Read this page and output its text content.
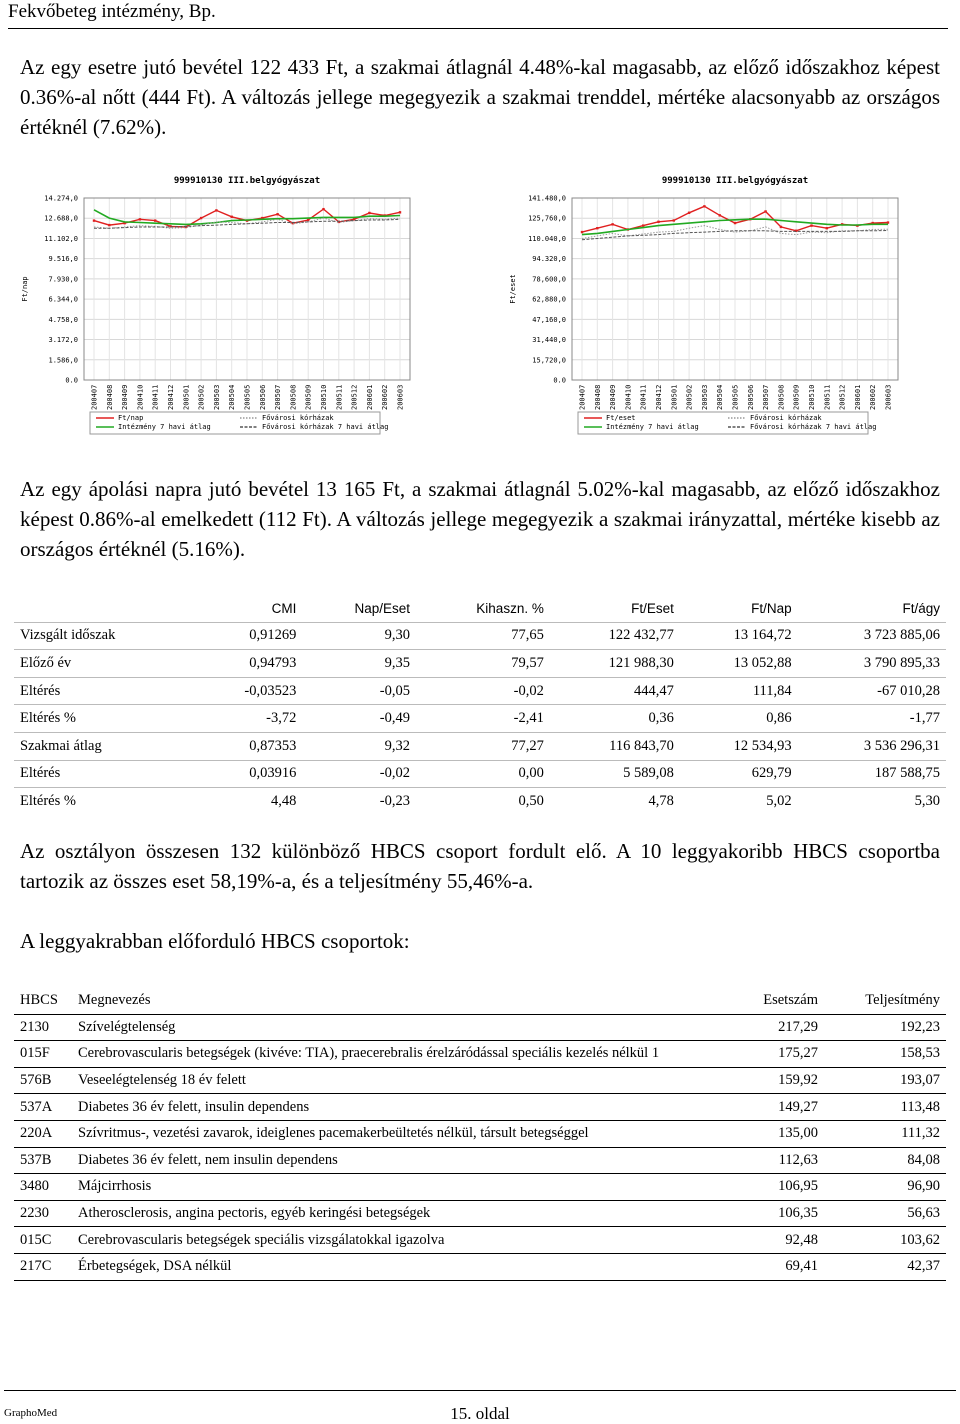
Fekvőbeteg intézmény, Bp.
Az egy esetre jutó bevétel 122 433 Ft, a szakmai átlagnál 4.48%-kal magasabb, az előző időszakhoz képest 0.36%-al nőtt (444 Ft). A változás jellege megegyezik a szakmai trenddel, mértéke alacsonyabb az országos értéknél (7.62%).
999910130 III.belgyógyászat
Ft/nap
14.274,0
12.688,0
11.102,0
9.516,0
7.930,0
6.344,0
4.758,0
3.172,0
1.586,0
0.0
200407 200408 200409 200410 200411 200412 200501 200502 200503 200504 200505 200506 200507 200508 200509 200510 200511 200512 200601 200602 200603
Ft/nap
Intézmény 7 havi átlag
Fővárosi kórházak
Fővárosi kórházak 7 havi átlag
999910130 III.belgyógyászat
Ft/eset
141.480,0
125,760,0
110.040,0
94.320,0
78,600,0
62,880,0
47,160,0
31,440,0
15,720,0
0.0
200407 200408 200409 200410 200411 200412 200501 200502 200503 200504 200505 200506 200507 200508 200509 200510 200511 200512 200601 200602 200603
Ft/eset
Intézmény 7 havi átlag
Fővárosi kórházak
Fővárosi kórházak 7 havi átlag
Az egy ápolási napra jutó bevétel 13 165 Ft, a szakmai átlagnál 5.02%-kal magasabb, az előző időszakhoz képest 0.86%-al emelkedett (112 Ft). A változás jellege megegyezik a szakmai irányzattal, mértéke kisebb az országos értéknél (5.16%).
	CMI	Nap/Eset	Kihaszn. %	Ft/Eset	Ft/Nap	Ft/ágy
Vizsgált időszak	0,91269	9,30	77,65	122 432,77	13 164,72	3 723 885,06
Előző év	0,94793	9,35	79,57	121 988,30	13 052,88	3 790 895,33
Eltérés	-0,03523	-0,05	-0,02	444,47	111,84	-67 010,28
Eltérés %	-3,72	-0,49	-2,41	0,36	0,86	-1,77
Szakmai átlag	0,87353	9,32	77,27	116 843,70	12 534,93	3 536 296,31
Eltérés	0,03916	-0,02	0,00	5 589,08	629,79	187 588,75
Eltérés %	4,48	-0,23	0,50	4,78	5,02	5,30
Az osztályon összesen 132 különböző HBCS csoport fordult elő. A 10 leggyakoribb HBCS csoportba tartozik az összes eset 58,19%-a, és a teljesítmény 55,46%-a.
A leggyakrabban előforduló HBCS csoportok:
HBCS	Megnevezés	Esetszám	Teljesítmény
2130	Szívelégtelenség	217,29	192,23
015F	Cerebrovascularis betegségek (kivéve: TIA), praecerebralis érelzáródással speciális kezelés nélkül 1	175,27	158,53
576B	Veseelégtelenség 18 év felett	159,92	193,07
537A	Diabetes 36 év felett, insulin dependens	149,27	113,48
220A	Szívritmus-, vezetési zavarok, ideiglenes pacemakerbeültetés nélkül, társult betegséggel	135,00	111,32
537B	Diabetes 36 év felett, nem insulin dependens	112,63	84,08
3480	Májcirrhosis	106,95	96,90
2230	Atherosclerosis, angina pectoris, egyéb keringési betegségek	106,35	56,63
015C	Cerebrovascularis betegségek speciális vizsgálatokkal igazolva	92,48	103,62
217C	Érbetegségek, DSA nélkül	69,41	42,37
GraphoMed	15. oldal
